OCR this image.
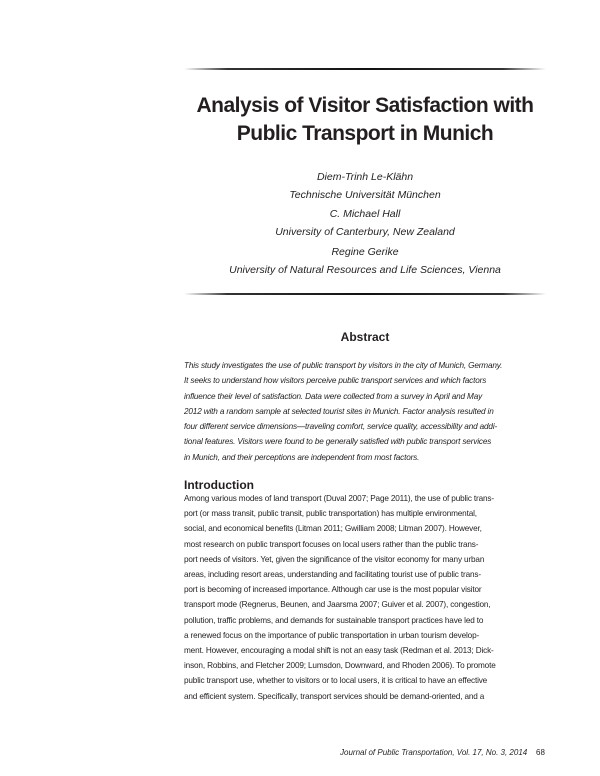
Analysis of Visitor Satisfaction with
Public Transport in Munich
Diem-Trinh Le-Klähn
Technische Universität München
C. Michael Hall
University of Canterbury, New Zealand
Regine Gerike
University of Natural Resources and Life Sciences, Vienna
Abstract
This study investigates the use of public transport by visitors in the city of Munich, Germany.
It seeks to understand how visitors perceive public transport services and which factors
influence their level of satisfaction. Data were collected from a survey in April and May
2012 with a random sample at selected tourist sites in Munich. Factor analysis resulted in
four different service dimensions—traveling comfort, service quality, accessibility and addi-
tional features. Visitors were found to be generally satisfied with public transport services
in Munich, and their perceptions are independent from most factors.
Introduction
Among various modes of land transport (Duval 2007; Page 2011), the use of public trans-
port (or mass transit, public transit, public transportation) has multiple environmental,
social, and economical benefits (Litman 2011; Gwilliam 2008; Litman 2007). However,
most research on public transport focuses on local users rather than the public trans-
port needs of visitors. Yet, given the significance of the visitor economy for many urban
areas, including resort areas, understanding and facilitating tourist use of public trans-
port is becoming of increased importance. Although car use is the most popular visitor
transport mode (Regnerus, Beunen, and Jaarsma 2007; Guiver et al. 2007), congestion,
pollution, traffic problems, and demands for sustainable transport practices have led to
a renewed focus on the importance of public transportation in urban tourism develop-
ment. However, encouraging a modal shift is not an easy task (Redman et al. 2013; Dick-
inson, Robbins, and Fletcher 2009; Lumsdon, Downward, and Rhoden 2006). To promote
public transport use, whether to visitors or to local users, it is critical to have an effective
and efficient system. Specifically, transport services should be demand-oriented, and a
Journal of Public Transportation, Vol. 17, No. 3, 2014 68
